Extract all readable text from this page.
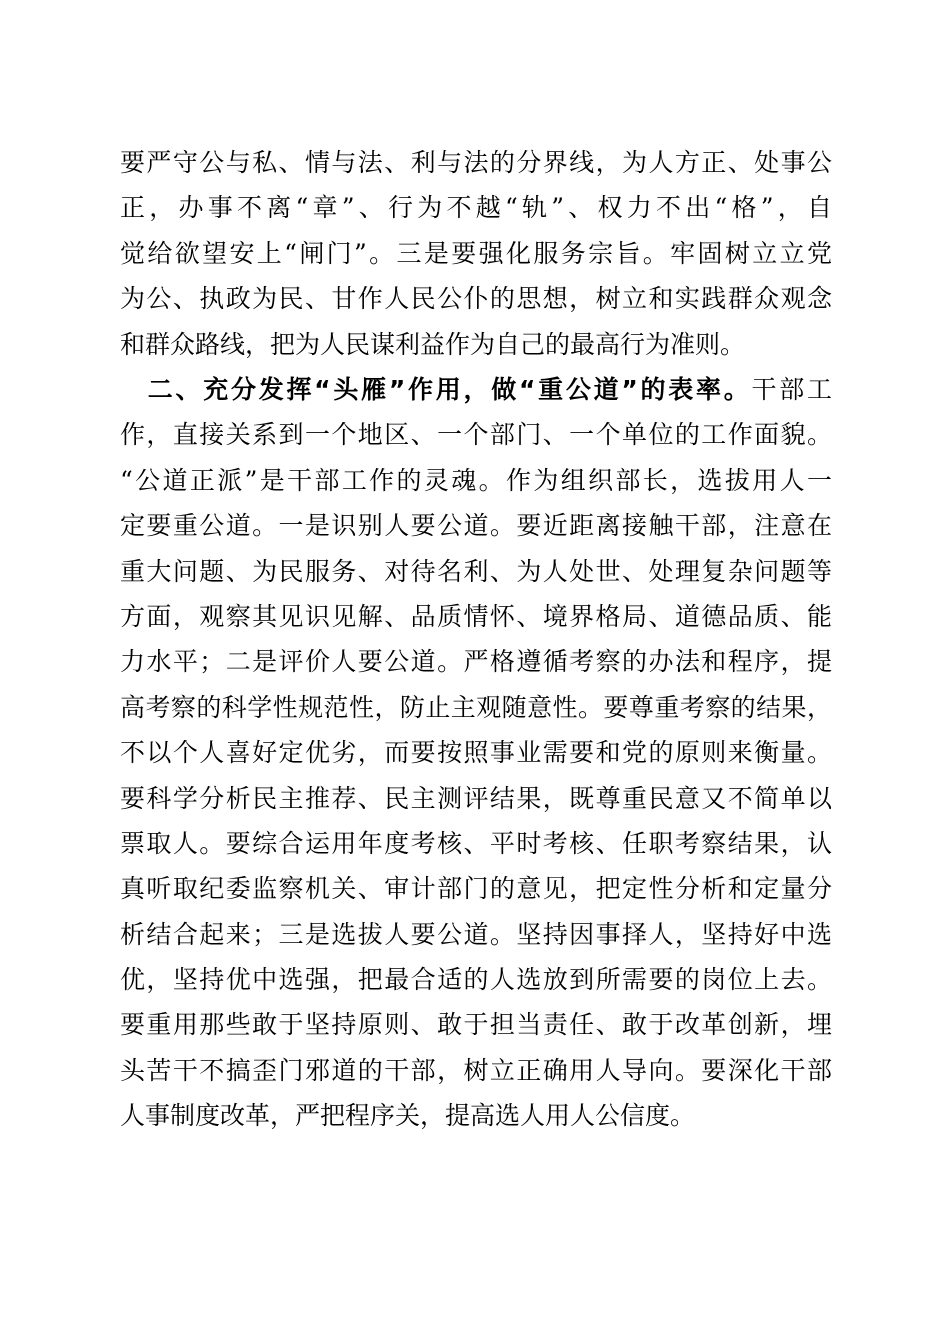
要严守公与私、情与法、利与法的分界线，为人方正、处事公
正，办事不离“章”、行为不越“轨”、权力不出“格”，自
觉给欲望安上“闸门”。三是要强化服务宗旨。牢固树立立党
为公、执政为民、甘作人民公仆的思想，树立和实践群众观念
和群众路线，把为人民谋利益作为自己的最高行为准则。
　二、充分发挥“头雁”作用，做“重公道”的表率。干部工
作，直接关系到一个地区、一个部门、一个单位的工作面貌。
“公道正派”是干部工作的灵魂。作为组织部长，选拔用人一
定要重公道。一是识别人要公道。要近距离接触干部，注意在
重大问题、为民服务、对待名利、为人处世、处理复杂问题等
方面，观察其见识见解、品质情怀、境界格局、道德品质、能
力水平；二是评价人要公道。严格遵循考察的办法和程序，提
高考察的科学性规范性，防止主观随意性。要尊重考察的结果，
不以个人喜好定优劣，而要按照事业需要和党的原则来衡量。
要科学分析民主推荐、民主测评结果，既尊重民意又不简单以
票取人。要综合运用年度考核、平时考核、任职考察结果，认
真听取纪委监察机关、审计部门的意见，把定性分析和定量分
析结合起来；三是选拔人要公道。坚持因事择人，坚持好中选
优，坚持优中选强，把最合适的人选放到所需要的岗位上去。
要重用那些敢于坚持原则、敢于担当责任、敢于改革创新，埋
头苦干不搞歪门邪道的干部，树立正确用人导向。要深化干部
人事制度改革，严把程序关，提高选人用人公信度。
